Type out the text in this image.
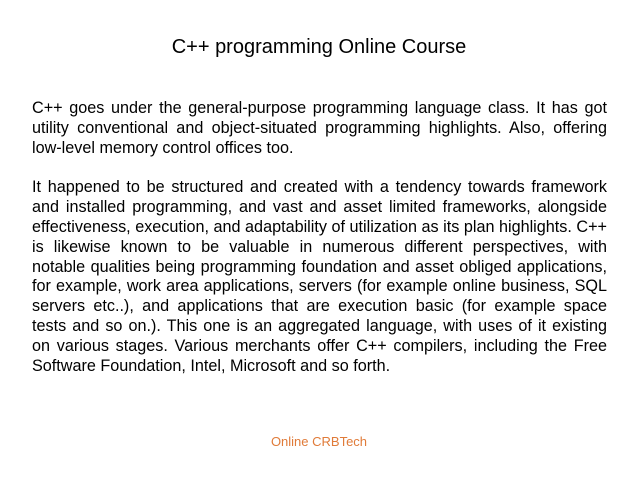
C++ programming Online Course

C++ goes under the general-purpose programming language class. It has got utility conventional and object-situated programming highlights. Also, offering low-level memory control offices too.

It happened to be structured and created with a tendency towards framework and installed programming, and vast and asset limited frameworks, alongside effectiveness, execution, and adaptability of utilization as its plan highlights. C++ is likewise known to be valuable in numerous different perspectives, with notable qualities being programming foundation and asset obliged applications, for example, work area applications, servers (for example online business, SQL servers etc..), and applications that are execution basic (for example space tests and so on.). This one is an aggregated language, with uses of it existing on various stages. Various merchants offer C++ compilers, including the Free Software Foundation, Intel, Microsoft and so forth.

Online CRBTech
